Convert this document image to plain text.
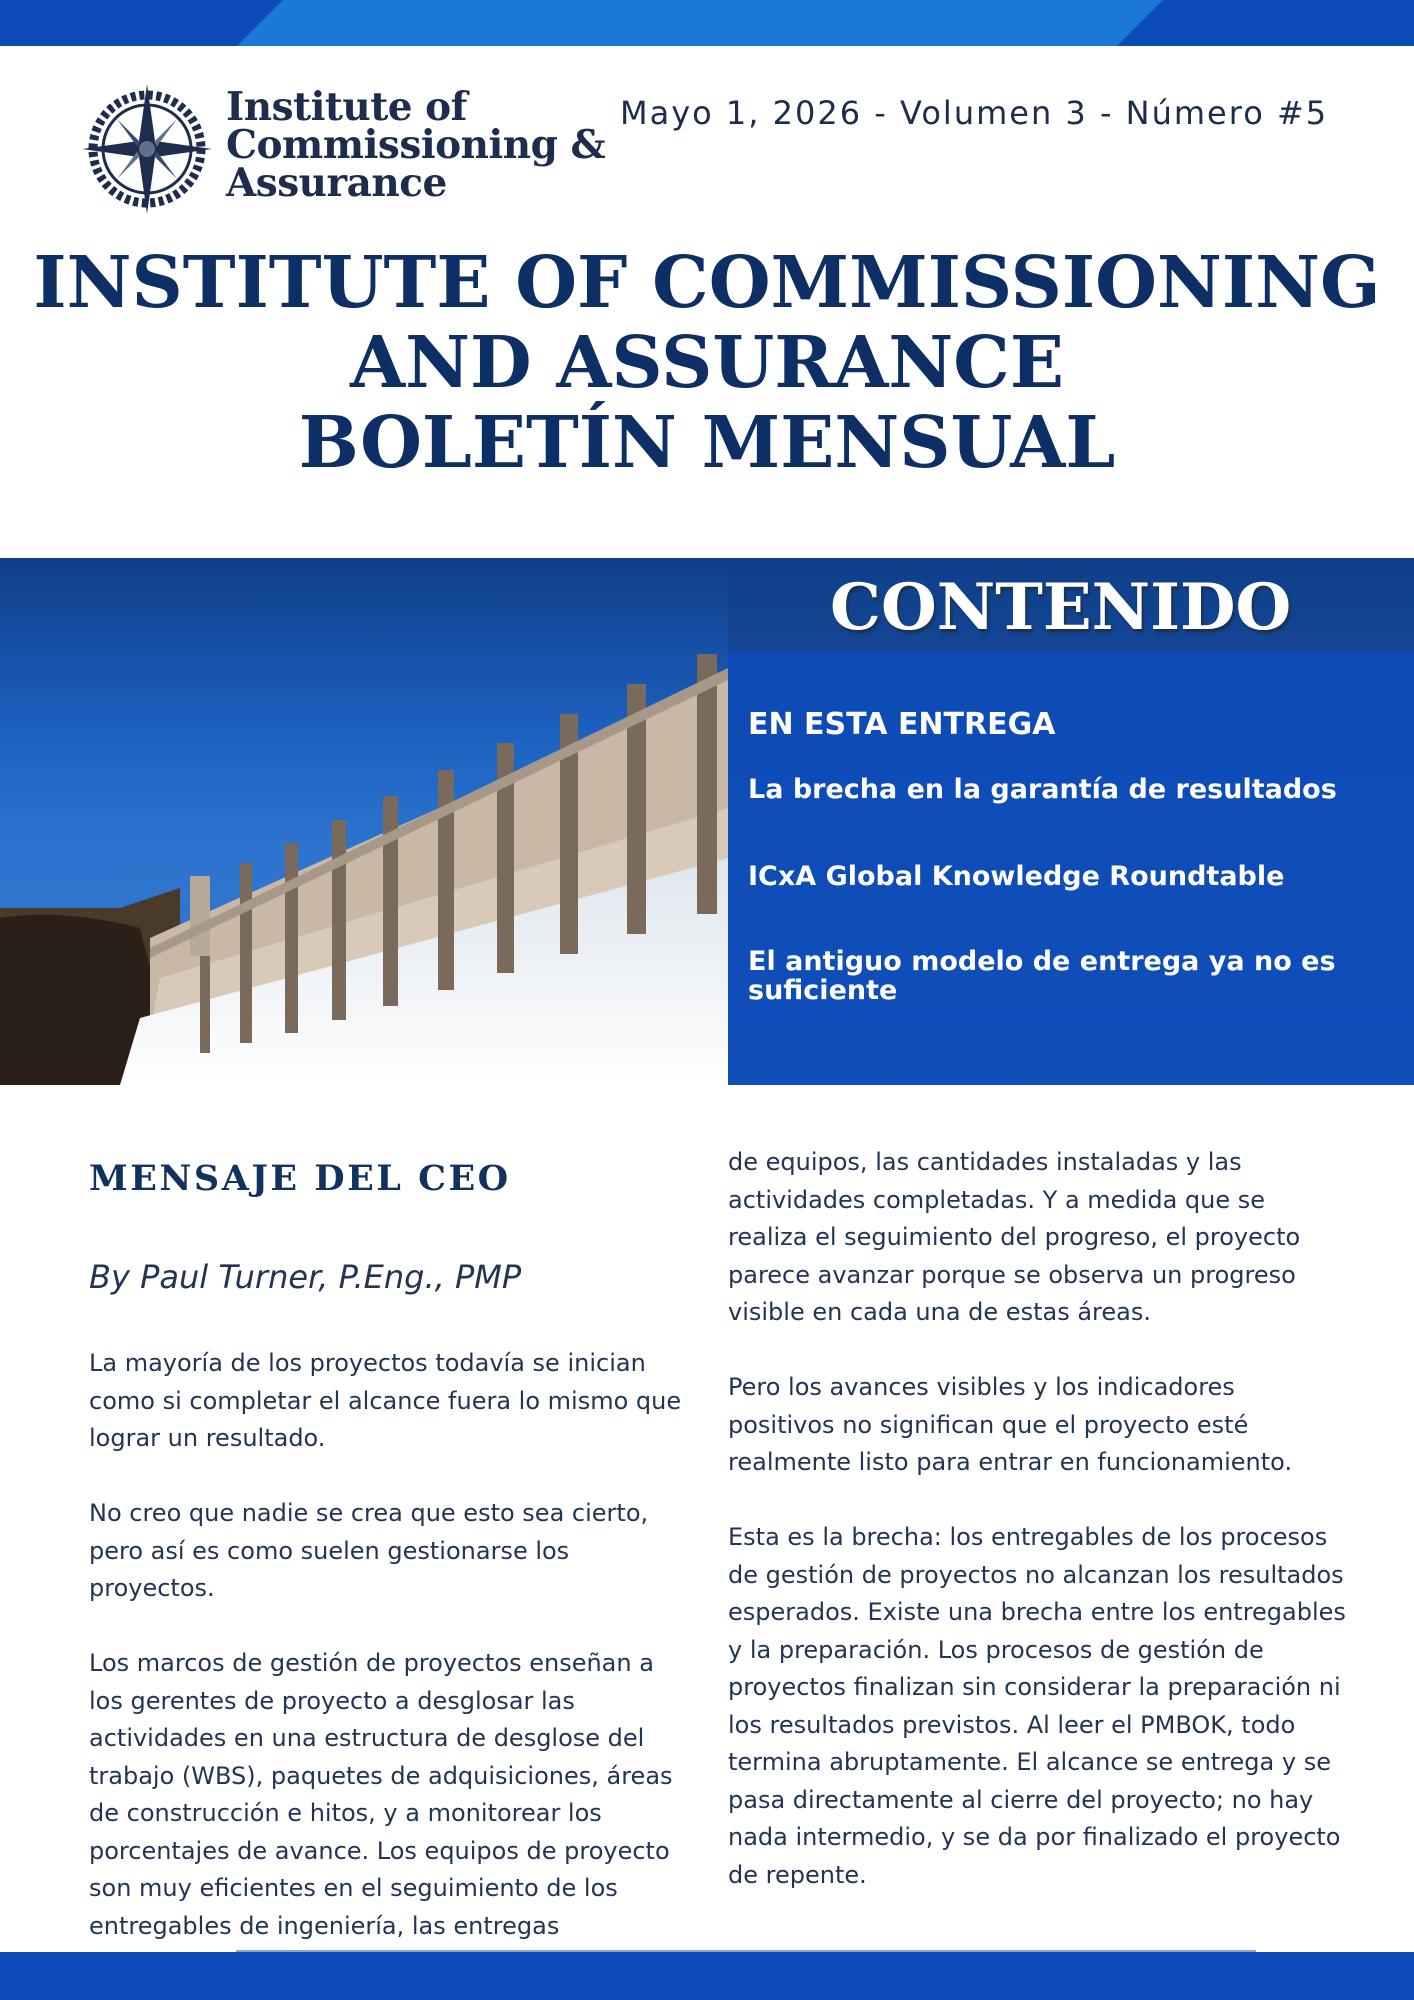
Institute of
Commissioning &
Assurance
Mayo 1, 2026 - Volumen 3 - Número #5
INSTITUTE OF COMMISSIONING
AND ASSURANCE
BOLETÍN MENSUAL
CONTENIDO
EN ESTA ENTREGA
La brecha en la garantía de resultados
ICxA Global Knowledge Roundtable
El antiguo modelo de entrega ya no es suficiente
MENSAJE DEL CEO
By Paul Turner, P.Eng., PMP

La mayoría de los proyectos todavía se inician como si completar el alcance fuera lo mismo que lograr un resultado.

No creo que nadie se crea que esto sea cierto, pero así es como suelen gestionarse los proyectos.

Los marcos de gestión de proyectos enseñan a los gerentes de proyecto a desglosar las actividades en una estructura de desglose del trabajo (WBS), paquetes de adquisiciones, áreas de construcción e hitos, y a monitorear los porcentajes de avance. Los equipos de proyecto son muy eficientes en el seguimiento de los entregables de ingeniería, las entregas

de equipos, las cantidades instaladas y las actividades completadas. Y a medida que se realiza el seguimiento del progreso, el proyecto parece avanzar porque se observa un progreso visible en cada una de estas áreas.

Pero los avances visibles y los indicadores positivos no significan que el proyecto esté realmente listo para entrar en funcionamiento.

Esta es la brecha: los entregables de los procesos de gestión de proyectos no alcanzan los resultados esperados. Existe una brecha entre los entregables y la preparación. Los procesos de gestión de proyectos finalizan sin considerar la preparación ni los resultados previstos. Al leer el PMBOK, todo termina abruptamente. El alcance se entrega y se pasa directamente al cierre del proyecto; no hay nada intermedio, y se da por finalizado el proyecto de repente.
